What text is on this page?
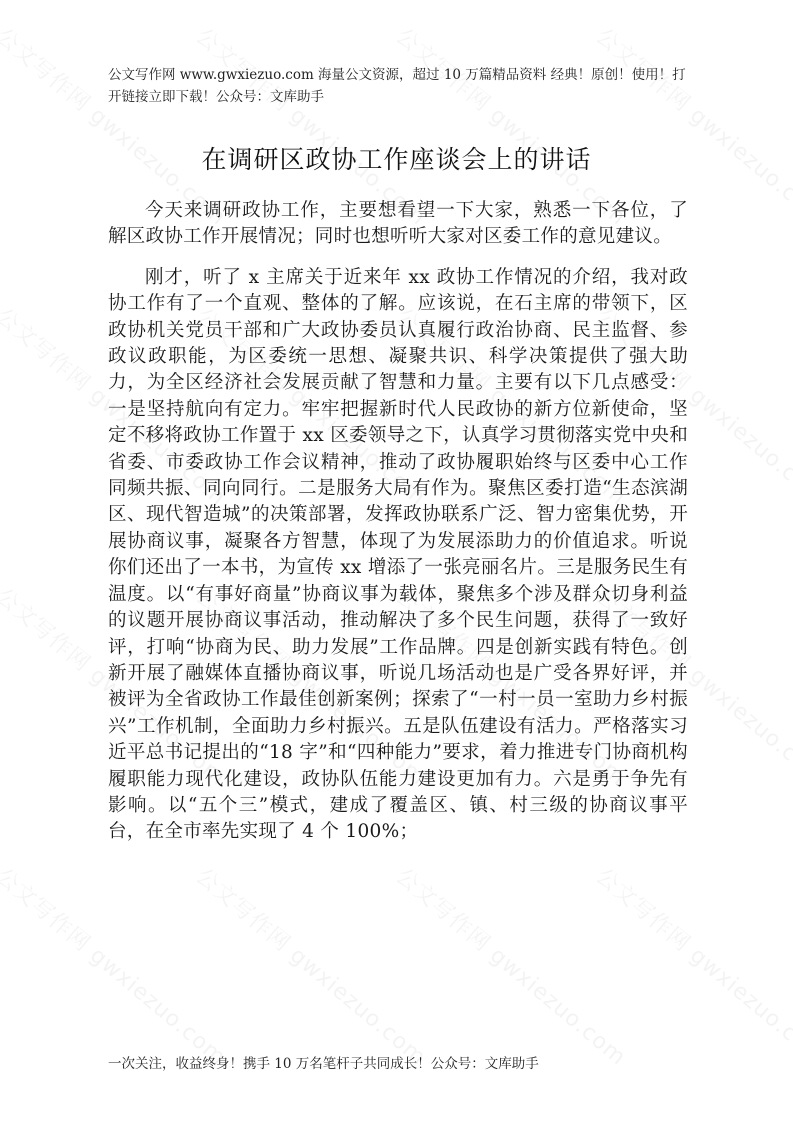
公文写作网 www.gwxiezuo.com 海量公文资源，超过 10 万篇精品资料 经典！原创！使用！打开链接立即下载！公众号：文库助手
在调研区政协工作座谈会上的讲话

今天来调研政协工作，主要想看望一下大家，熟悉一下各位，了解区政协工作开展情况；同时也想听听大家对区委工作的意见建议。

刚才，听了 x 主席关于近来年 xx 政协工作情况的介绍，我对政协工作有了一个直观、整体的了解。应该说，在石主席的带领下，区政协机关党员干部和广大政协委员认真履行政治协商、民主监督、参政议政职能，为区委统一思想、凝聚共识、科学决策提供了强大助力，为全区经济社会发展贡献了智慧和力量。主要有以下几点感受：一是坚持航向有定力。牢牢把握新时代人民政协的新方位新使命，坚定不移将政协工作置于 xx 区委领导之下，认真学习贯彻落实党中央和省委、市委政协工作会议精神，推动了政协履职始终与区委中心工作同频共振、同向同行。二是服务大局有作为。聚焦区委打造“生态滨湖区、现代智造城”的决策部署，发挥政协联系广泛、智力密集优势，开展协商议事，凝聚各方智慧，体现了为发展添助力的价值追求。听说你们还出了一本书，为宣传 xx 增添了一张亮丽名片。三是服务民生有温度。以“有事好商量”协商议事为载体，聚焦多个涉及群众切身利益的议题开展协商议事活动，推动解决了多个民生问题，获得了一致好评，打响“协商为民、助力发展”工作品牌。四是创新实践有特色。创新开展了融媒体直播协商议事，听说几场活动也是广受各界好评，并被评为全省政协工作最佳创新案例；探索了“一村一员一室助力乡村振兴”工作机制，全面助力乡村振兴。五是队伍建设有活力。严格落实习近平总书记提出的“18 字”和“四种能力”要求，着力推进专门协商机构履职能力现代化建设，政协队伍能力建设更加有力。六是勇于争先有影响。以“五个三”模式，建成了覆盖区、镇、村三级的协商议事平台，在全市率先实现了 4 个 100%；

一次关注，收益终身！携手 10 万名笔杆子共同成长！公众号：文库助手
